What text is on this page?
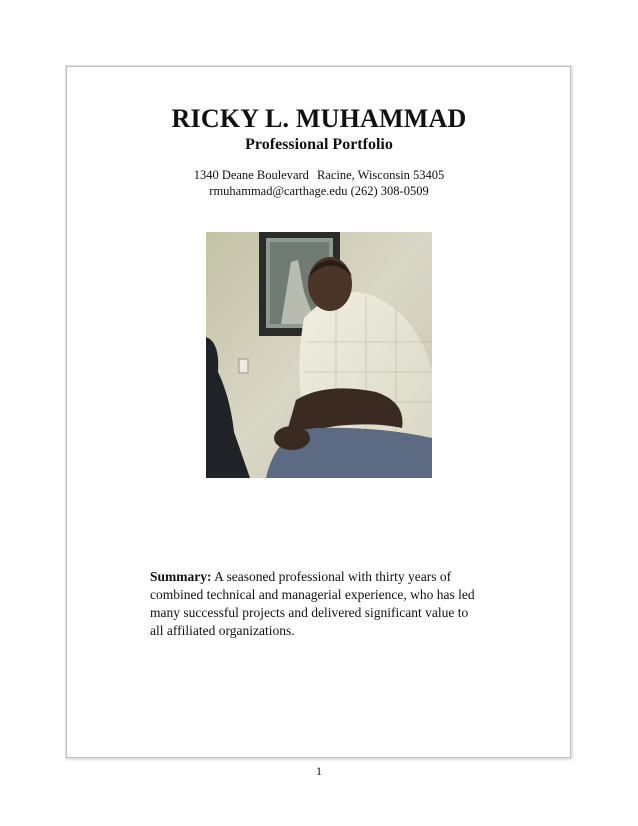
RICKY L. MUHAMMAD
Professional Portfolio
1340 Deane Boulevard Racine, Wisconsin 53405
rmuhammad@carthage.edu (262) 308-0509
Summary: A seasoned professional with thirty years of combined technical and managerial experience, who has led many successful projects and delivered significant value to all affiliated organizations.
1
